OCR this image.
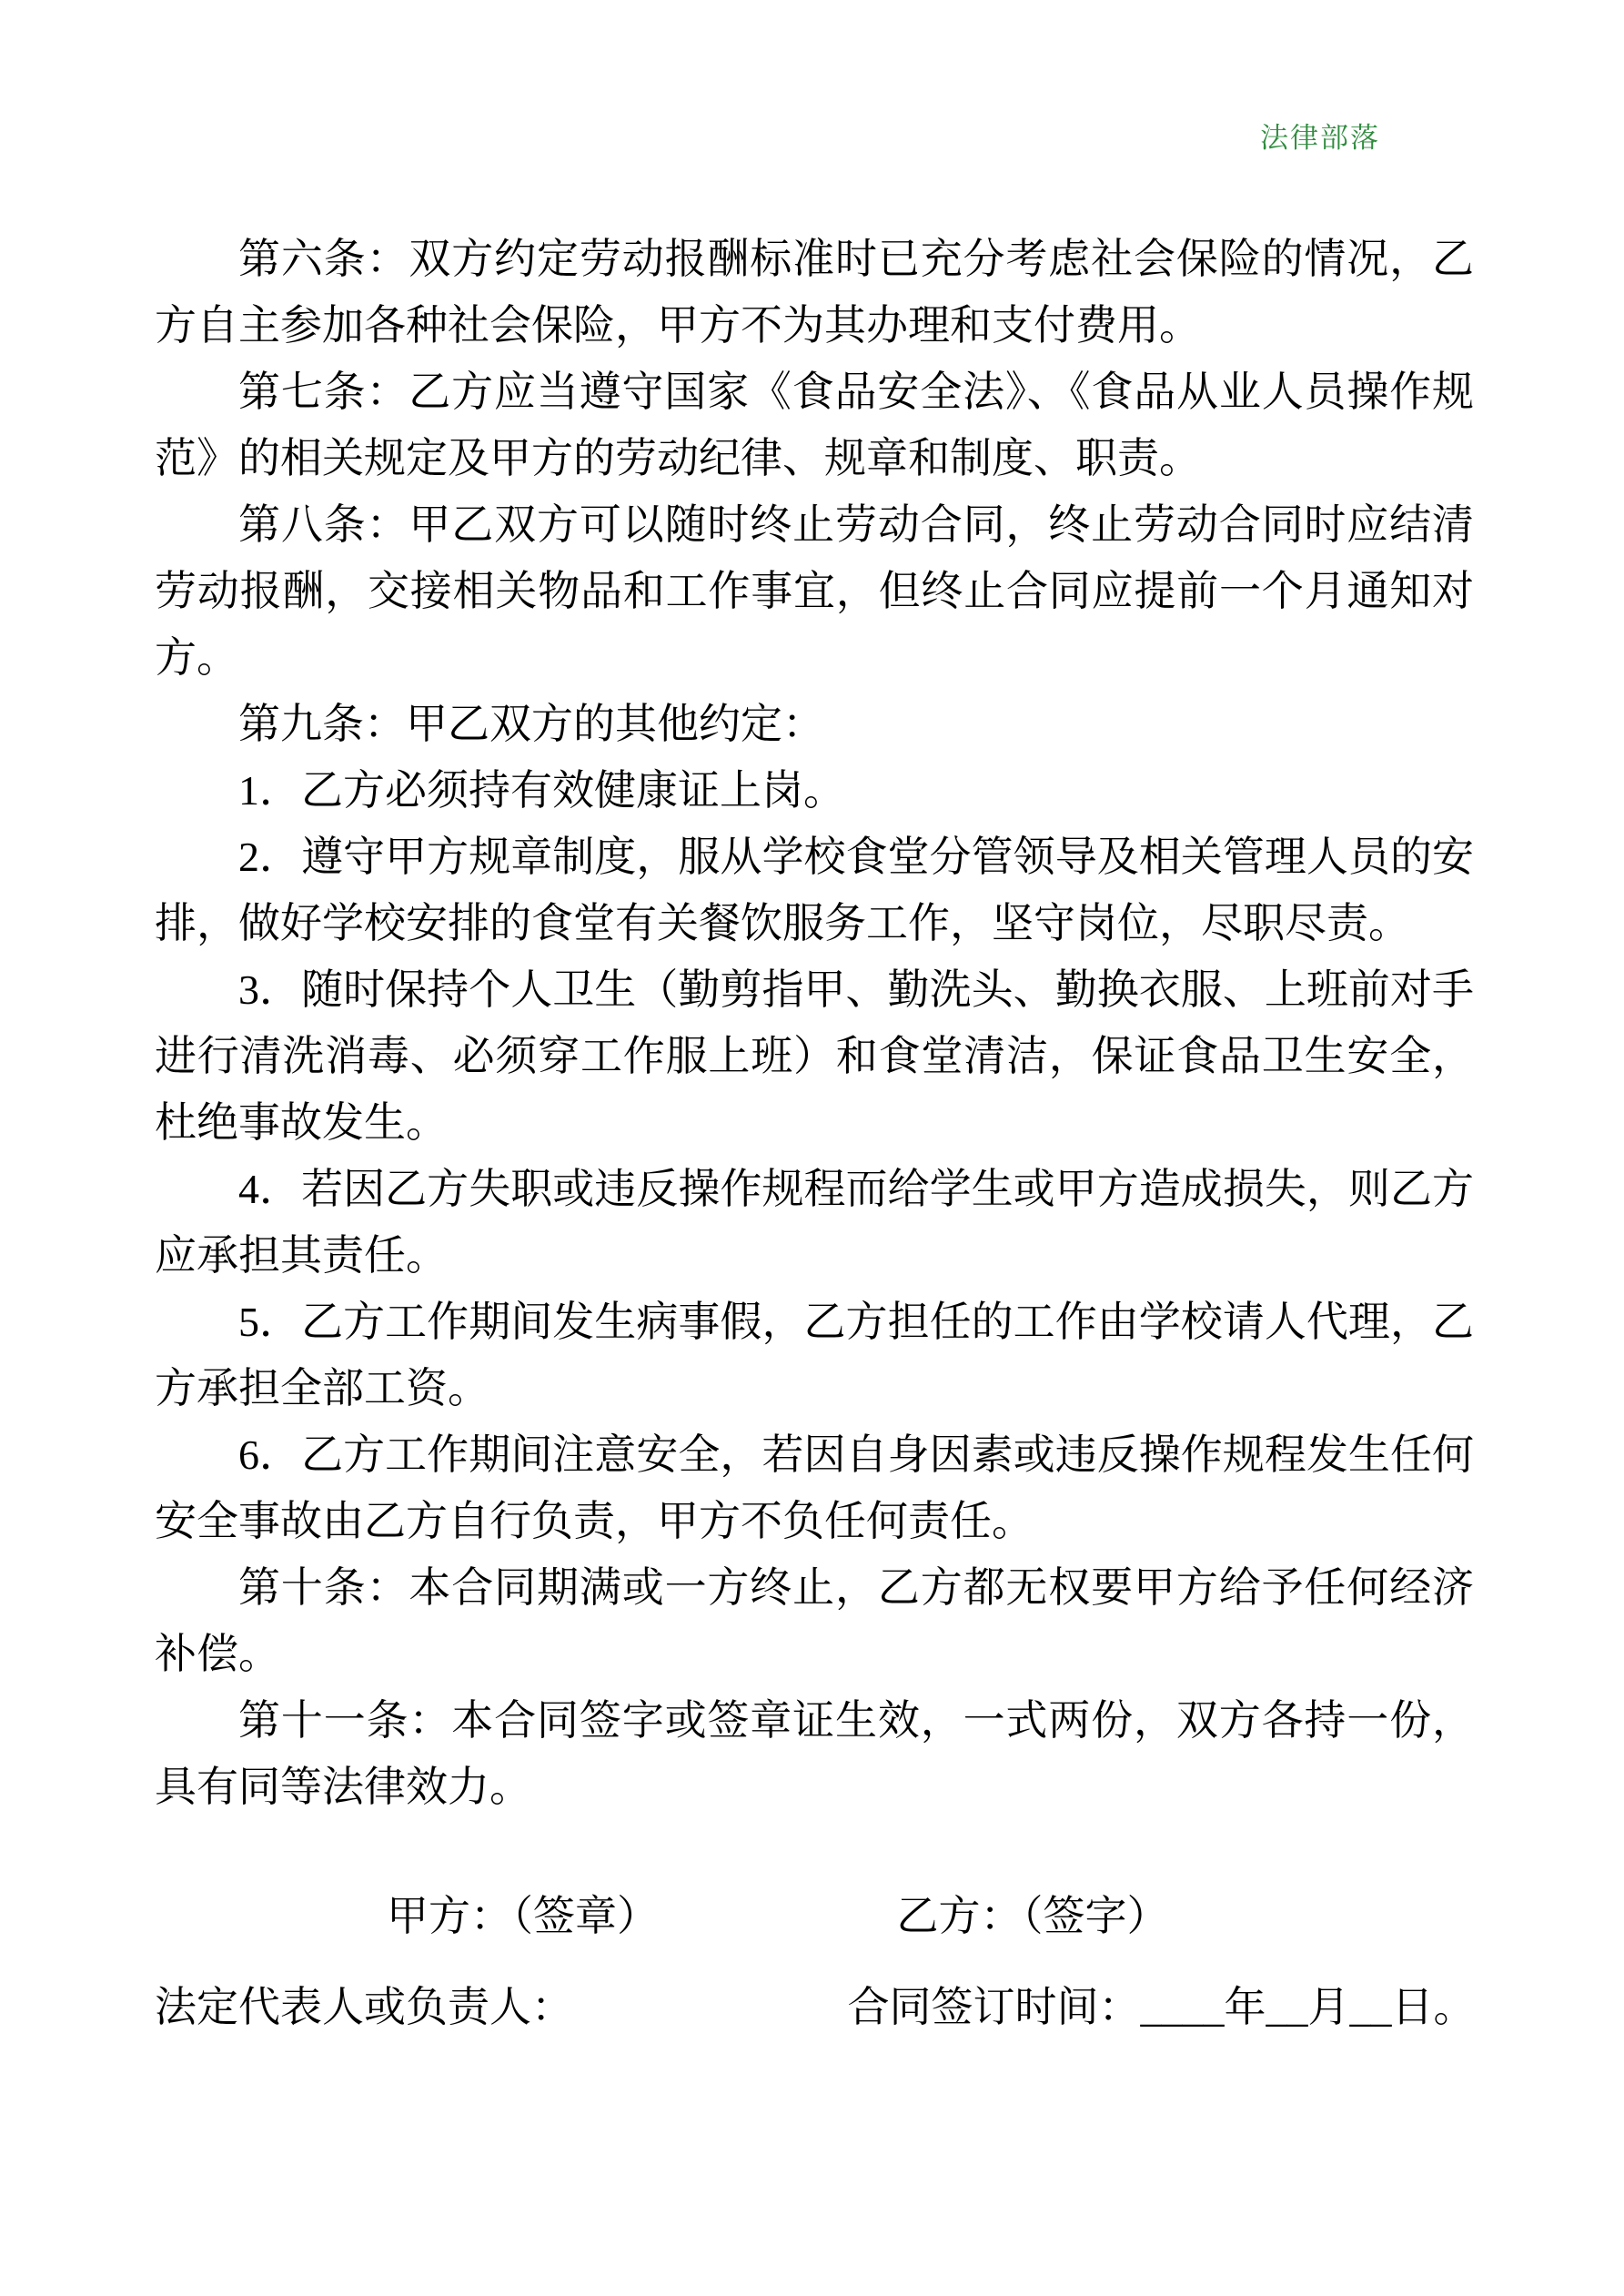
法律部落

第六条：双方约定劳动报酬标准时已充分考虑社会保险的情况，乙方自主参加各种社会保险，甲方不为其办理和支付费用。

第七条：乙方应当遵守国家《食品安全法》、《食品从业人员操作规范》的相关规定及甲方的劳动纪律、规章和制度、职责。

第八条：甲乙双方可以随时终止劳动合同，终止劳动合同时应结清劳动报酬，交接相关物品和工作事宜，但终止合同应提前一个月通知对方。

第九条：甲乙双方的其他约定：

1．乙方必须持有效健康证上岗。

2．遵守甲方规章制度，服从学校食堂分管领导及相关管理人员的安排，做好学校安排的食堂有关餐饮服务工作，坚守岗位，尽职尽责。

3．随时保持个人卫生（勤剪指甲、勤洗头、勤换衣服、上班前对手进行清洗消毒、必须穿工作服上班）和食堂清洁，保证食品卫生安全，杜绝事故发生。

4．若因乙方失职或违反操作规程而给学生或甲方造成损失，则乙方应承担其责任。

5．乙方工作期间发生病事假，乙方担任的工作由学校请人代理，乙方承担全部工资。

6．乙方工作期间注意安全，若因自身因素或违反操作规程发生任何安全事故由乙方自行负责，甲方不负任何责任。

第十条：本合同期满或一方终止，乙方都无权要甲方给予任何经济补偿。

第十一条：本合同签字或签章证生效，一式两份，双方各持一份，具有同等法律效力。

甲方：（签章）	乙方：（签字）
法定代表人或负责人：	合同签订时间：____年__月__日。
